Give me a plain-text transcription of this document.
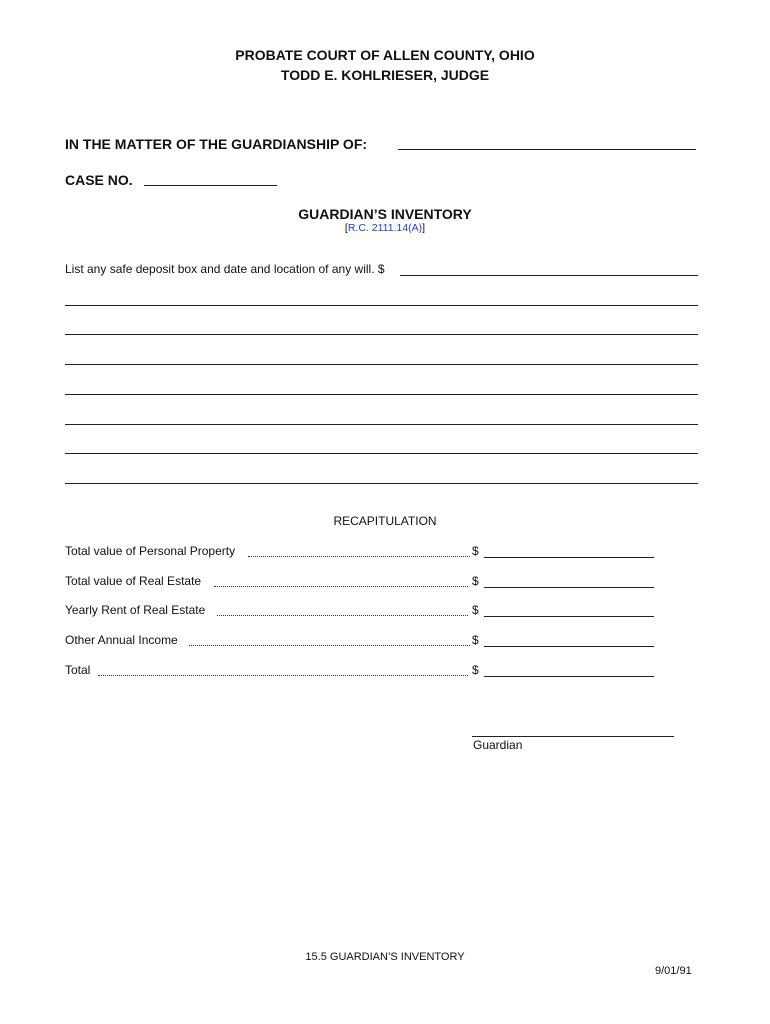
PROBATE COURT OF ALLEN COUNTY, OHIO
TODD E. KOHLRIESER, JUDGE
IN THE MATTER OF THE GUARDIANSHIP OF:
CASE NO.
GUARDIAN’S INVENTORY
[R.C. 2111.14(A)]
List any safe deposit box and date and location of any will. $
RECAPITULATION
Total value of Personal Property	$
Total value of Real Estate	$
Yearly Rent of Real Estate	$
Other Annual Income	$
Total	$
Guardian
15.5 GUARDIAN’S INVENTORY
9/01/91
